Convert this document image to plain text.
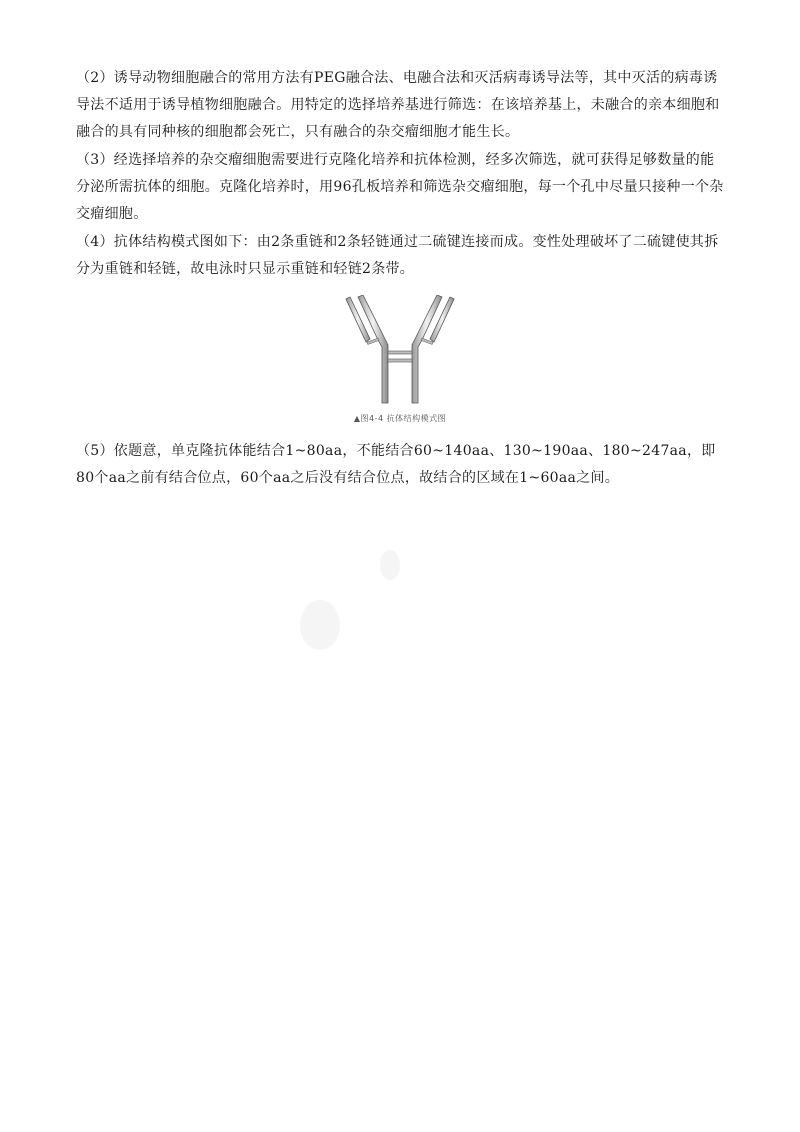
（2）诱导动物细胞融合的常用方法有PEG融合法、电融合法和灭活病毒诱导法等，其中灭活的病毒诱导法不适用于诱导植物细胞融合。用特定的选择培养基进行筛选：在该培养基上，未融合的亲本细胞和融合的具有同种核的细胞都会死亡，只有融合的杂交瘤细胞才能生长。

（3）经选择培养的杂交瘤细胞需要进行克隆化培养和抗体检测，经多次筛选，就可获得足够数量的能分泌所需抗体的细胞。克隆化培养时，用96孔板培养和筛选杂交瘤细胞，每一个孔中尽量只接种一个杂交瘤细胞。

（4）抗体结构模式图如下：由2条重链和2条轻链通过二硫键连接而成。变性处理破坏了二硫键使其拆分为重链和轻链，故电泳时只显示重链和轻链2条带。

▲图4-4 抗体结构模式图

（5）依题意，单克隆抗体能结合1~80aa，不能结合60~140aa、130~190aa、180~247aa，即80个aa之前有结合位点，60个aa之后没有结合位点，故结合的区域在1~60aa之间。
